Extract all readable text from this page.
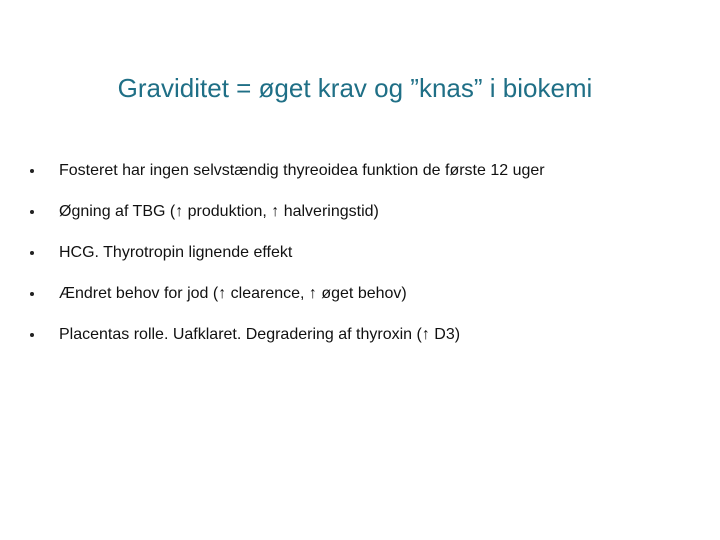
Graviditet = øget krav og ”knas” i biokemi
Fosteret har ingen selvstændig thyreoidea funktion de første 12 uger
Øgning af TBG (↑ produktion, ↑ halveringstid)
HCG. Thyrotropin lignende effekt
Ændret behov for jod (↑ clearence, ↑ øget behov)
Placentas rolle. Uafklaret. Degradering af thyroxin (↑ D3)
